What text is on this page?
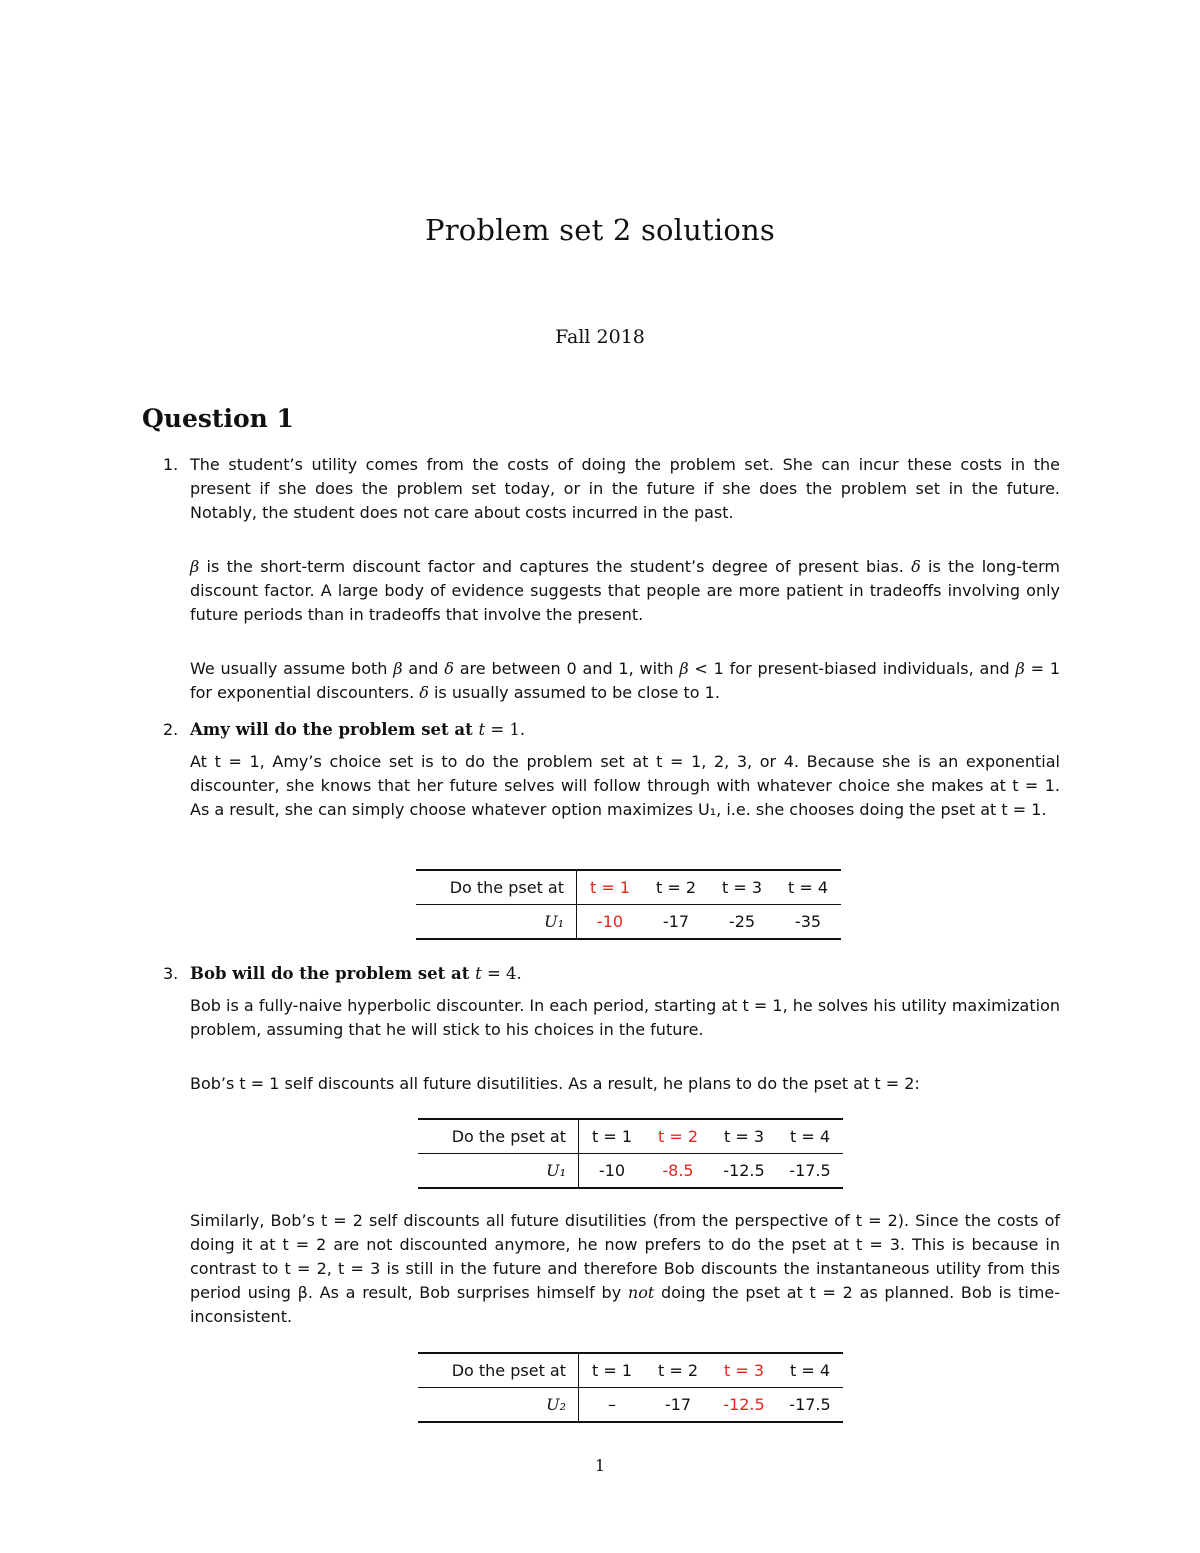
Problem set 2 solutions
Fall 2018
Question 1
1. The student’s utility comes from the costs of doing the problem set. She can incur these costs in the present if she does the problem set today, or in the future if she does the problem set in the future. Notably, the student does not care about costs incurred in the past.

β is the short-term discount factor and captures the student’s degree of present bias. δ is the long-term discount factor. A large body of evidence suggests that people are more patient in tradeoffs involving only future periods than in tradeoffs that involve the present.

We usually assume both β and δ are between 0 and 1, with β < 1 for present-biased individuals, and β = 1 for exponential discounters. δ is usually assumed to be close to 1.

2. Amy will do the problem set at t = 1.

At t = 1, Amy’s choice set is to do the problem set at t = 1, 2, 3, or 4. Because she is an exponential discounter, she knows that her future selves will follow through with whatever choice she makes at t = 1. As a result, she can simply choose whatever option maximizes U₁, i.e. she chooses doing the pset at t = 1.

Do the pset at	t = 1	t = 2	t = 3	t = 4
U₁	-10	-17	-25	-35
3. Bob will do the problem set at t = 4.

Bob is a fully-naive hyperbolic discounter. In each period, starting at t = 1, he solves his utility maximization problem, assuming that he will stick to his choices in the future.

Bob’s t = 1 self discounts all future disutilities. As a result, he plans to do the pset at t = 2:

Do the pset at	t = 1	t = 2	t = 3	t = 4
U₁	-10	-8.5	-12.5	-17.5

Similarly, Bob’s t = 2 self discounts all future disutilities (from the perspective of t = 2). Since the costs of doing it at t = 2 are not discounted anymore, he now prefers to do the pset at t = 3. This is because in contrast to t = 2, t = 3 is still in the future and therefore Bob discounts the instantaneous utility from this period using β. As a result, Bob surprises himself by not doing the pset at t = 2 as planned. Bob is time-inconsistent.

Do the pset at	t = 1	t = 2	t = 3	t = 4
U₂	–	-17	-12.5	-17.5
1
